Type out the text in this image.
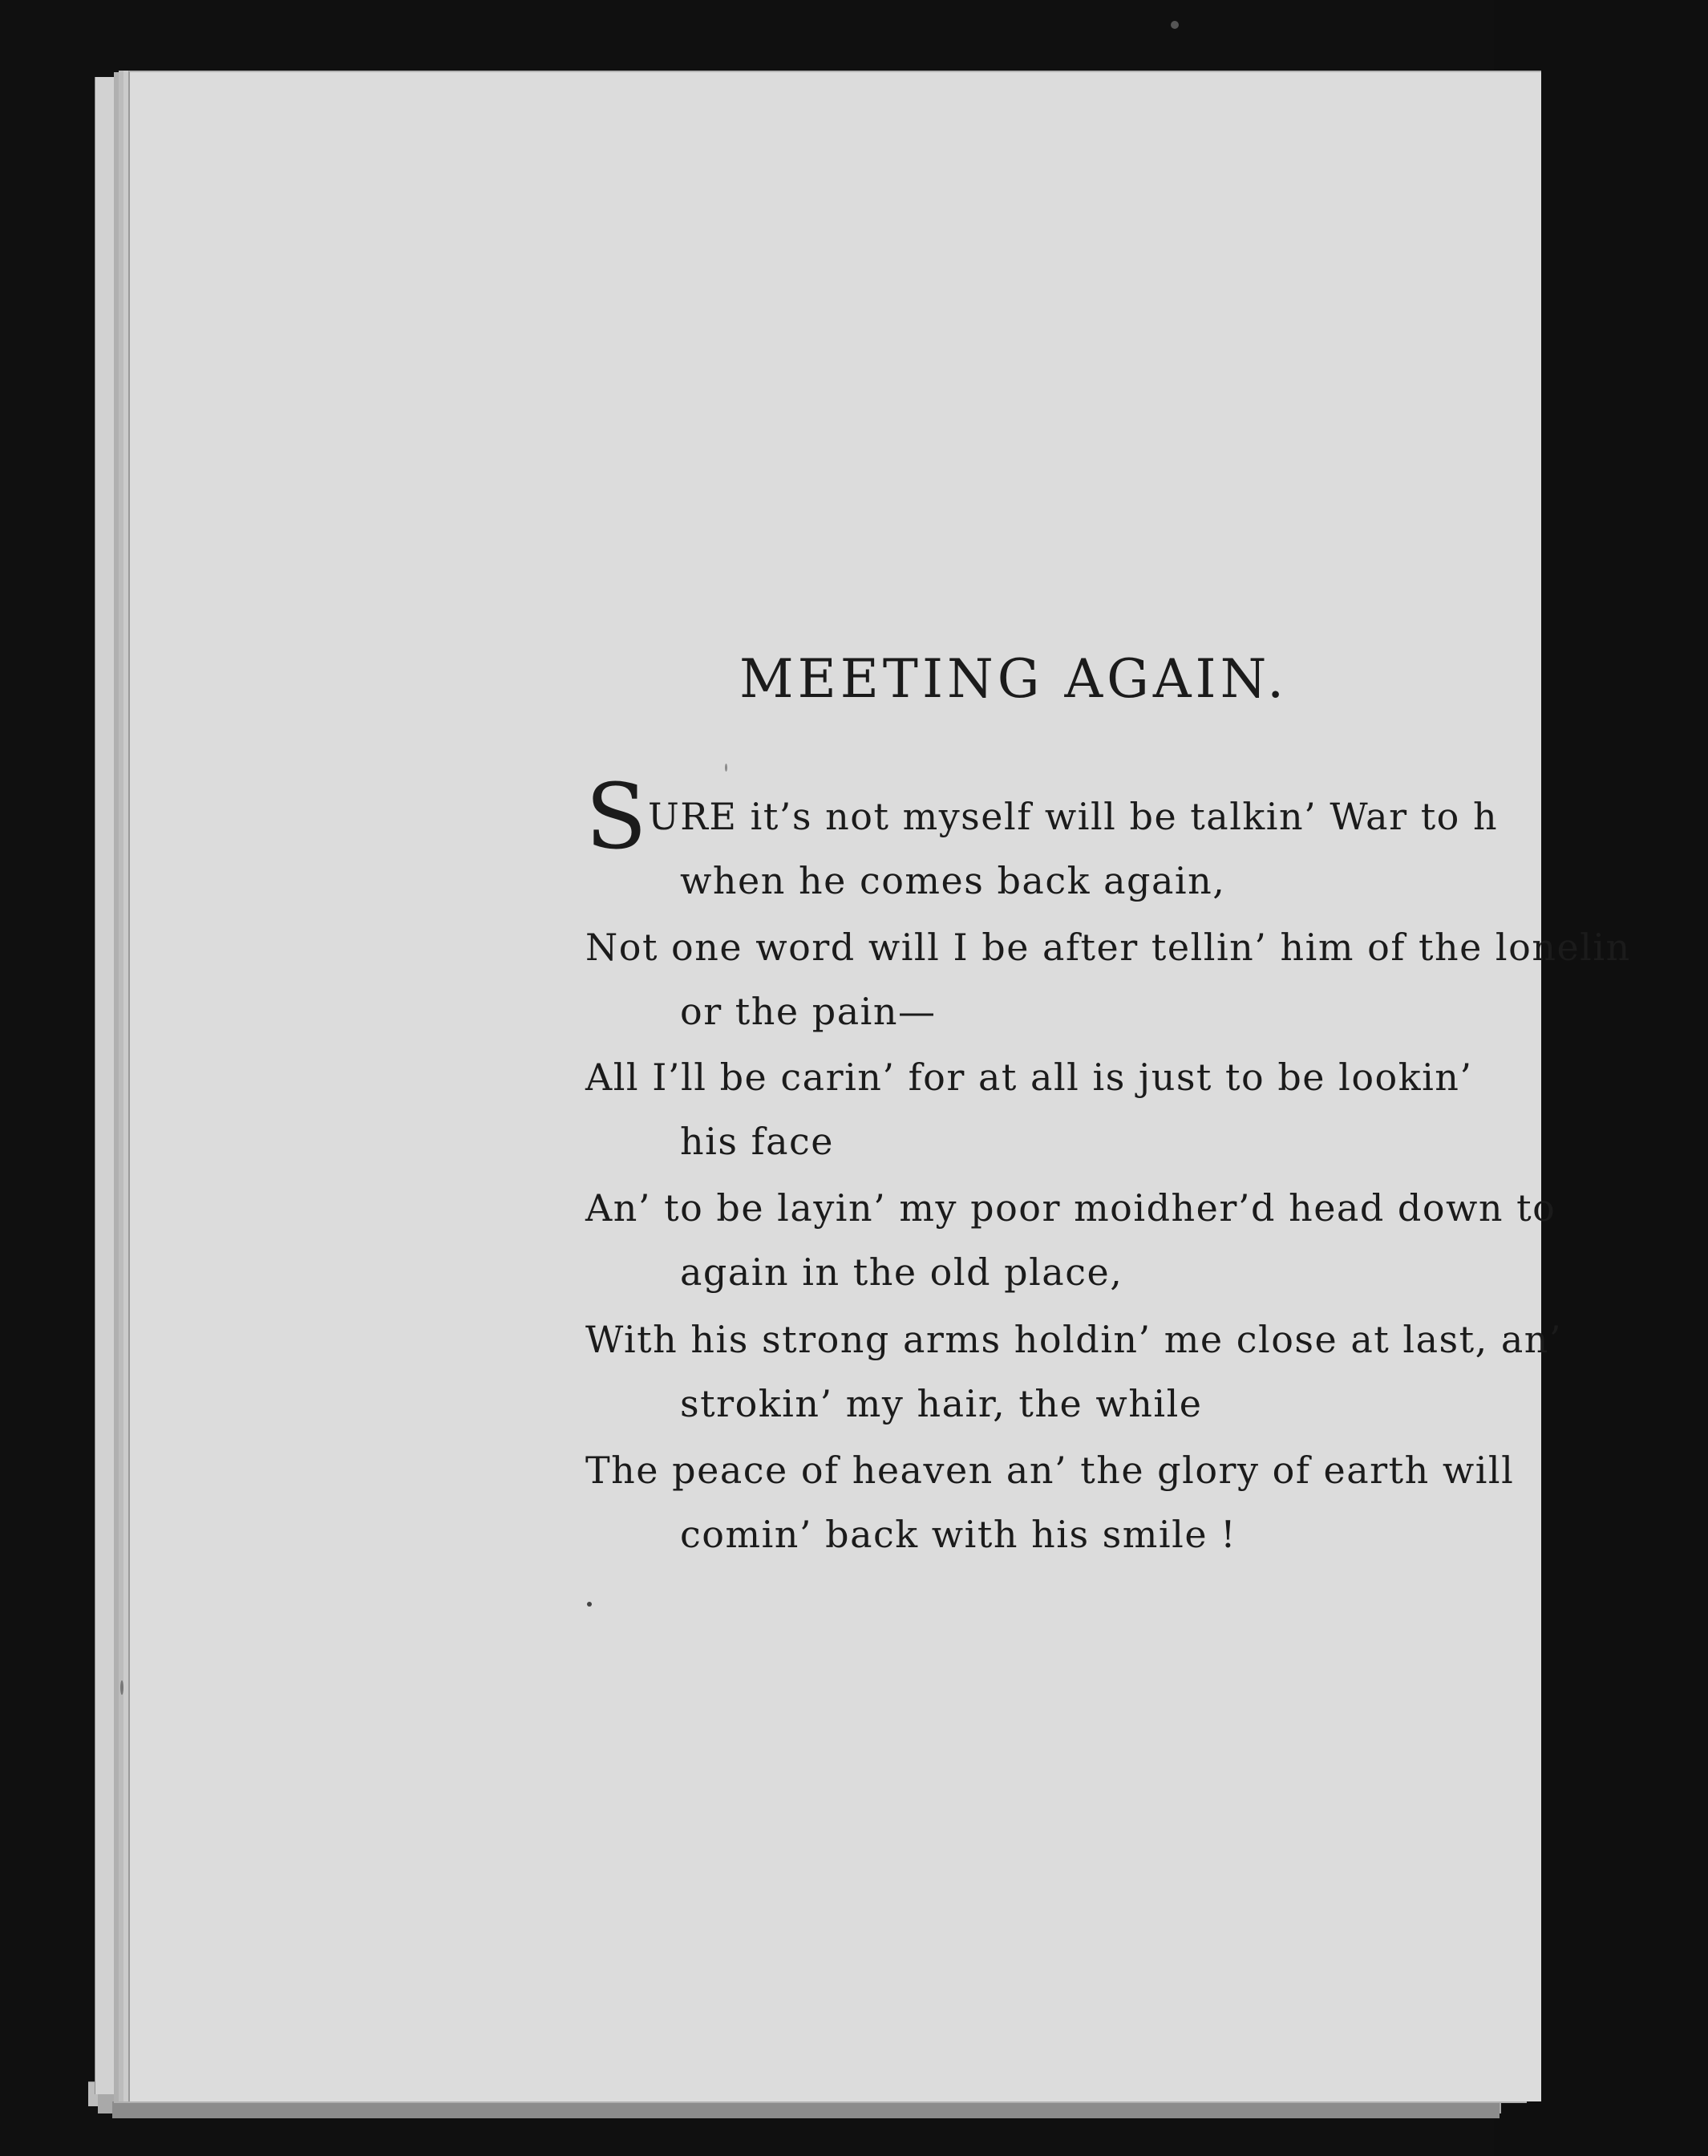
MEETING AGAIN.
S URE it’s not myself will be talkin’ War to h
when he comes back again,
Not one word will I be after tellin’ him of the lonelin
or the pain—
All I’ll be carin’ for at all is just to be lookin’
his face
An’ to be layin’ my poor moidher’d head down to
again in the old place,
With his strong arms holdin’ me close at last, an’
strokin’ my hair, the while
The peace of heaven an’ the glory of earth will
comin’ back with his smile !
